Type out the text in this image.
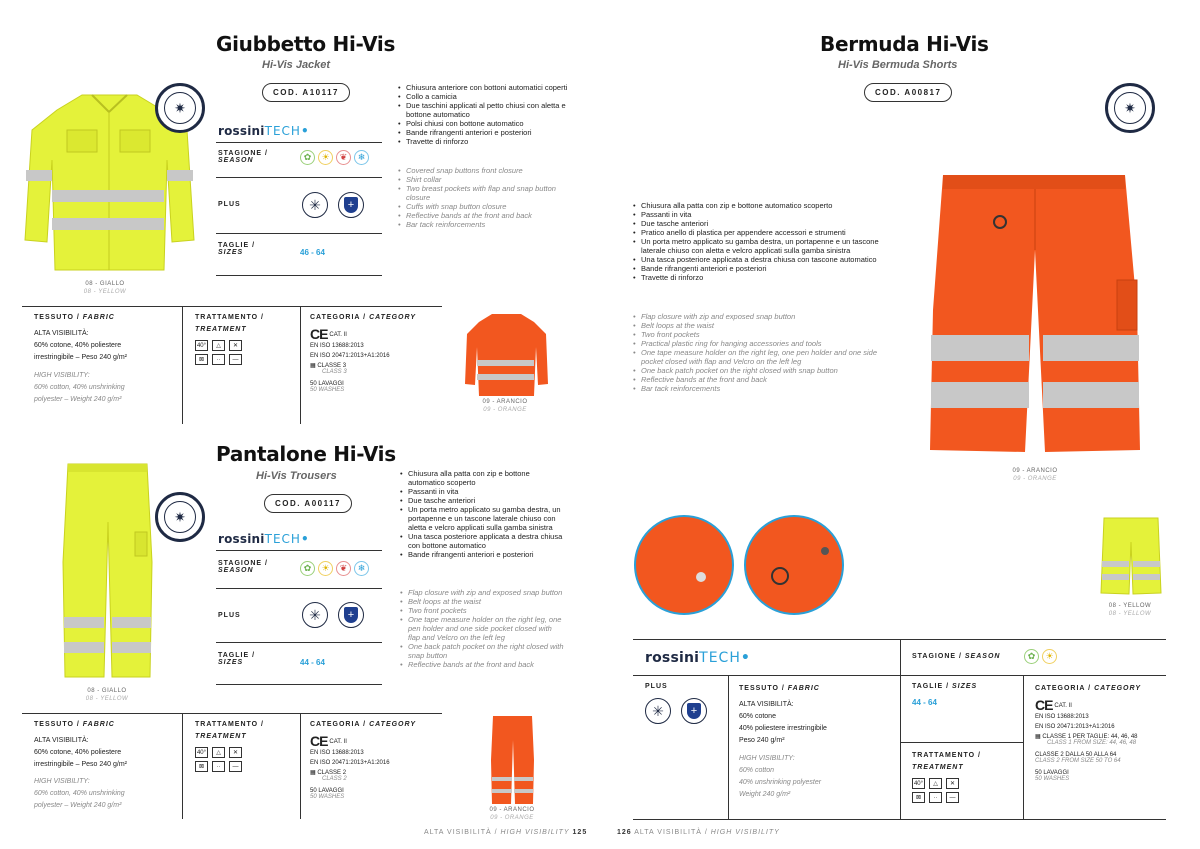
Giubbetto Hi-Vis
Hi-Vis Jacket
✷
08 - GIALLO
08 - YELLOW
COD. A10117
rossiniTECH•
STAGIONE /
SEASON	✿	☀	❦	❄
PLUS	✳	+
TAGLIE /
SIZES	46 - 64
• Chiusura anteriore con bottoni automatici coperti
• Collo a camicia
• Due taschini applicati al petto chiusi con aletta e bottone automatico
• Polsi chiusi con bottone automatico
• Bande rifrangenti anteriori e posteriori
• Travette di rinforzo
• Covered snap buttons front closure
• Shirt collar
• Two breast pockets with flap and snap button closure
• Cuffs with snap button closure
• Reflective bands at the front and back
• Bar tack reinforcements
TESSUTO / FABRIC
ALTA VISIBILITÀ:
60% cotone, 40% poliestere
irrestringibile – Peso 240 g/m²
HIGH VISIBILITY:
60% cotton, 40% unshrinking
polyester – Weight 240 g/m²
TRATTAMENTO /
TREATMENT
40°	△	✕
⊠	∙∙	—
CATEGORIA / CATEGORY
CE CAT. II
EN ISO 13688:2013
EN ISO 20471:2013+A1:2016
▦ CLASSE 3
CLASS 3
50 LAVAGGI
50 WASHES
09 - ARANCIO
09 - ORANGE
Pantalone Hi-Vis
Hi-Vis Trousers
✷
08 - GIALLO
08 - YELLOW
COD. A00117
rossiniTECH•
STAGIONE /
SEASON	✿	☀	❦	❄
PLUS	✳	+
TAGLIE /
SIZES	44 - 64
• Chiusura alla patta con zip e bottone automatico scoperto
• Passanti in vita
• Due tasche anteriori
• Un porta metro applicato su gamba destra, un portapenne e un tascone laterale chiuso con aletta e velcro applicati sulla gamba sinistra
• Una tasca posteriore applicata a destra chiusa con bottone automatico
• Bande rifrangenti anteriori e posteriori
• Flap closure with zip and exposed snap button
• Belt loops at the waist
• Two front pockets
• One tape measure holder on the right leg, one pen holder and one side pocket closed with flap and Velcro on the left leg
• One back patch pocket on the right closed with snap button
• Reflective bands at the front and back
TESSUTO / FABRIC
ALTA VISIBILITÀ:
60% cotone, 40% poliestere
irrestringibile – Peso 240 g/m²
HIGH VISIBILITY:
60% cotton, 40% unshrinking
polyester – Weight 240 g/m²
TRATTAMENTO /
TREATMENT
40°	△	✕
⊠	∙∙	—
CATEGORIA / CATEGORY
CE CAT. II
EN ISO 13688:2013
EN ISO 20471:2013+A1:2016
▦ CLASSE 2
CLASS 2
50 LAVAGGI
50 WASHES
09 - ARANCIO
09 - ORANGE
ALTA VISIBILITÀ / HIGH VISIBILITY 125	126 ALTA VISIBILITÀ / HIGH VISIBILITY
Bermuda Hi-Vis
Hi-Vis Bermuda Shorts
COD. A00817
✷
• Chiusura alla patta con zip e bottone automatico scoperto
• Passanti in vita
• Due tasche anteriori
• Pratico anello di plastica per appendere accessori e strumenti
• Un porta metro applicato su gamba destra, un portapenne e un tascone laterale chiuso con aletta e velcro applicati sulla gamba sinistra
• Una tasca posteriore applicata a destra chiusa con tascone automatico
• Bande rifrangenti anteriori e posteriori
• Travette di rinforzo
• Flap closure with zip and exposed snap button
• Belt loops at the waist
• Two front pockets
• Practical plastic ring for hanging accessories and tools
• One tape measure holder on the right leg, one pen holder and one side pocket closed with flap and Velcro on the left leg
• One back patch pocket on the right closed with snap button
• Reflective bands at the front and back
• Bar tack reinforcements
09 - ARANCIO
09 - ORANGE
08 - YELLOW
08 - YELLOW
rossiniTECH•	STAGIONE / SEASON	✿	☀
PLUS
✳	+
TESSUTO / FABRIC
ALTA VISIBILITÀ:
60% cotone
40% poliestere irrestringibile
Peso 240 g/m²
HIGH VISIBILITY:
60% cotton
40% unshrinking polyester
Weight 240 g/m²
TAGLIE / SIZES
44 - 64
TRATTAMENTO /
TREATMENT
40°	△	✕
⊠	∙∙	—
CATEGORIA / CATEGORY
CE CAT. II
EN ISO 13688:2013
EN ISO 20471:2013+A1:2016
▦ CLASSE 1 PER TAGLIE: 44, 46, 48
CLASS 1 FROM SIZE: 44, 46, 48
CLASSE 2 DALLA 50 ALLA 64
CLASS 2 FROM SIZE 50 TO 64
50 LAVAGGI
50 WASHES
